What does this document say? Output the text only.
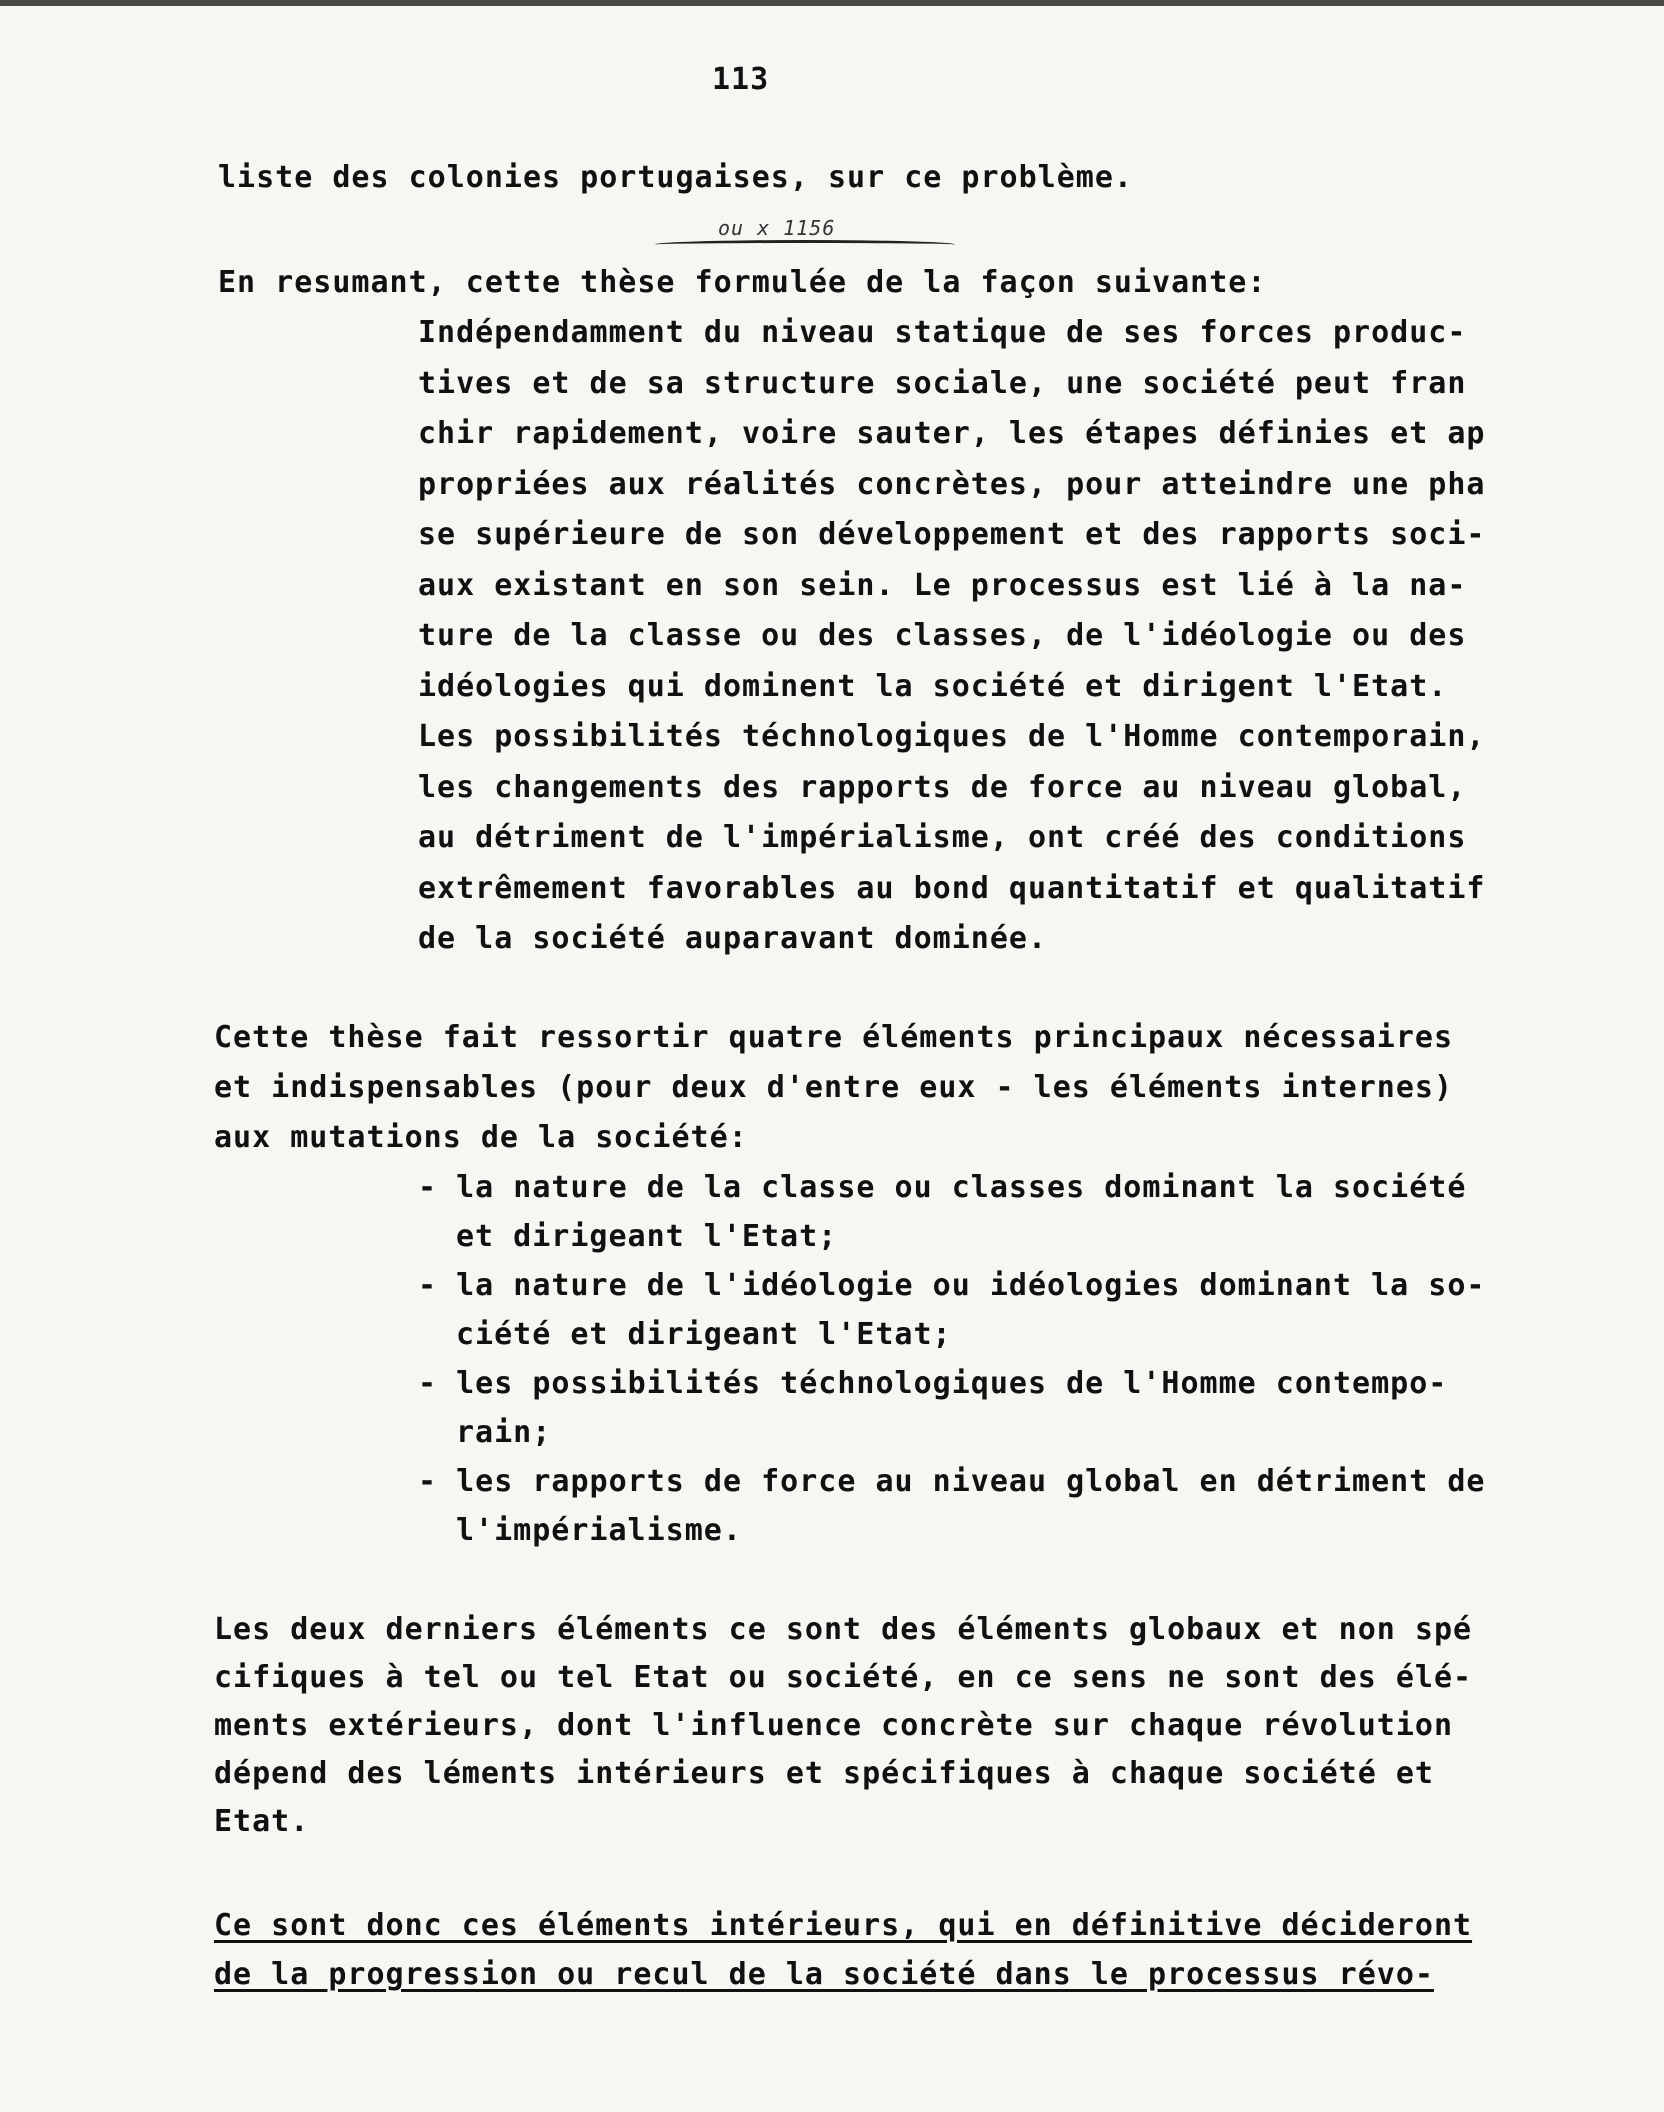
113
ou x 1156
liste des colonies portugaises, sur ce problème.
En resumant, cette thèse formulée de la façon suivante:
Indépendamment du niveau statique de ses forces produc-
tives et de sa structure sociale, une société peut fran
chir rapidement, voire sauter, les étapes définies et ap
propriées aux réalités concrètes, pour atteindre une pha
se supérieure de son développement et des rapports soci-
aux existant en son sein. Le processus est lié à la na-
ture de la classe ou des classes, de l'idéologie ou des
idéologies qui dominent la société et dirigent l'Etat.
Les possibilités téchnologiques de l'Homme contemporain,
les changements des rapports de force au niveau global,
au détriment de l'impérialisme, ont créé des conditions
extrêmement favorables au bond quantitatif et qualitatif
de la société auparavant dominée.
Cette thèse fait ressortir quatre éléments principaux nécessaires
et indispensables (pour deux d'entre eux - les éléments internes)
aux mutations de la société:
- la nature de la classe ou classes dominant la société
et dirigeant l'Etat;
- la nature de l'idéologie ou idéologies dominant la so-
ciété et dirigeant l'Etat;
- les possibilités téchnologiques de l'Homme contempo-
rain;
- les rapports de force au niveau global en détriment de
l'impérialisme.
Les deux derniers éléments ce sont des éléments globaux et non spé
cifiques à tel ou tel Etat ou société, en ce sens ne sont des élé-
ments extérieurs, dont l'influence concrète sur chaque révolution
dépend des léments intérieurs et spécifiques à chaque société et
Etat.
Ce sont donc ces éléments intérieurs, qui en définitive décideront
de la progression ou recul de la société dans le processus révo-
